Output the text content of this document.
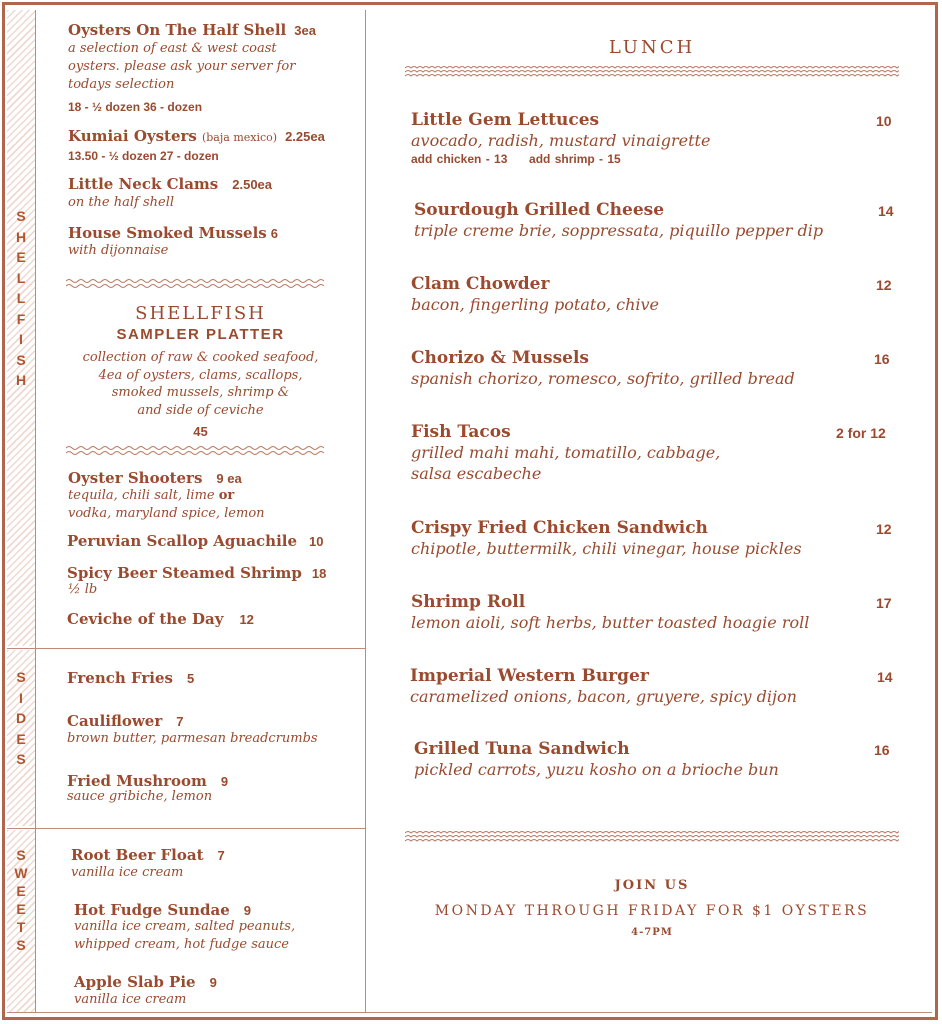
S
H
E
L
L
F
I
S
H
S
I
D
E
S
S
W
E
E
T
S
Oysters On The Half Shell 3ea
a selection of east & west coast
oysters. please ask your server for
todays selection
18 - ½ dozen 36 - dozen
Kumiai Oysters (baja mexico) 2.25ea
13.50 - ½ dozen 27 - dozen
Little Neck Clams 2.50ea
on the half shell
House Smoked Mussels 6
with dijonnaise
SHELLFISH
SAMPLER PLATTER
collection of raw & cooked seafood,
4ea of oysters, clams, scallops,
smoked mussels, shrimp &
and side of ceviche
45
Oyster Shooters 9 ea
tequila, chili salt, lime or
vodka, maryland spice, lemon
Peruvian Scallop Aguachile 10
Spicy Beer Steamed Shrimp 18
½ lb
Ceviche of the Day 12
French Fries 5
Cauliflower 7
brown butter, parmesan breadcrumbs
Fried Mushroom 9
sauce gribiche, lemon
Root Beer Float 7
vanilla ice cream
Hot Fudge Sundae 9
vanilla ice cream, salted peanuts,
whipped cream, hot fudge sauce
Apple Slab Pie 9
vanilla ice cream
LUNCH
Little Gem Lettuces	10
avocado, radish, mustard vinaigrette
add chicken - 13     add shrimp - 15
Sourdough Grilled Cheese	14
triple creme brie, soppressata, piquillo pepper dip
Clam Chowder	12
bacon, fingerling potato, chive
Chorizo & Mussels	16
spanish chorizo, romesco, sofrito, grilled bread
Fish Tacos	2 for 12
grilled mahi mahi, tomatillo, cabbage,
salsa escabeche
Crispy Fried Chicken Sandwich	12
chipotle, buttermilk, chili vinegar, house pickles
Shrimp Roll	17
lemon aioli, soft herbs, butter toasted hoagie roll
Imperial Western Burger	14
caramelized onions, bacon, gruyere, spicy dijon
Grilled Tuna Sandwich	16
pickled carrots, yuzu kosho on a brioche bun
JOIN US
MONDAY THROUGH FRIDAY FOR $1 OYSTERS
4-7PM
